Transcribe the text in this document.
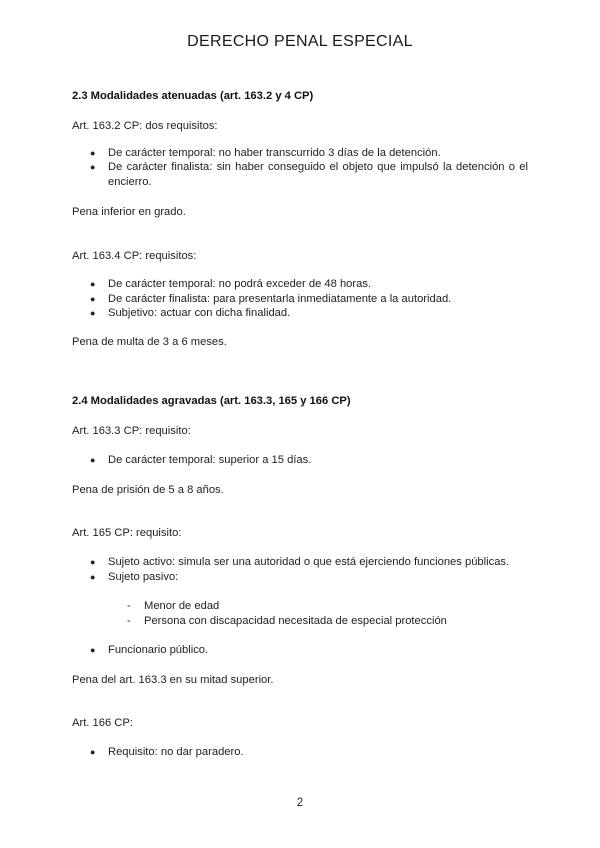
DERECHO PENAL ESPECIAL

2.3 Modalidades atenuadas (art. 163.2 y 4 CP)

Art. 163.2 CP: dos requisitos:

● De carácter temporal: no haber transcurrido 3 días de la detención.

● De carácter finalista: sin haber conseguido el objeto que impulsó la detención o el encierro.

Pena inferior en grado.

Art. 163.4 CP: requisitos:

● De carácter temporal: no podrá exceder de 48 horas.

● De carácter finalista: para presentarla inmediatamente a la autoridad.

● Subjetivo: actuar con dicha finalidad.

Pena de multa de 3 a 6 meses.

2.4 Modalidades agravadas (art. 163.3, 165 y 166 CP)

Art. 163.3 CP: requisito:

● De carácter temporal: superior a 15 días.

Pena de prisión de 5 a 8 años.

Art. 165 CP: requisito:

● Sujeto activo: simula ser una autoridad o que está ejerciendo funciones públicas.

● Sujeto pasivo:

- Menor de edad

- Persona con discapacidad necesitada de especial protección

● Funcionario público.

Pena del art. 163.3 en su mitad superior.

Art. 166 CP:

● Requisito: no dar paradero.

2
